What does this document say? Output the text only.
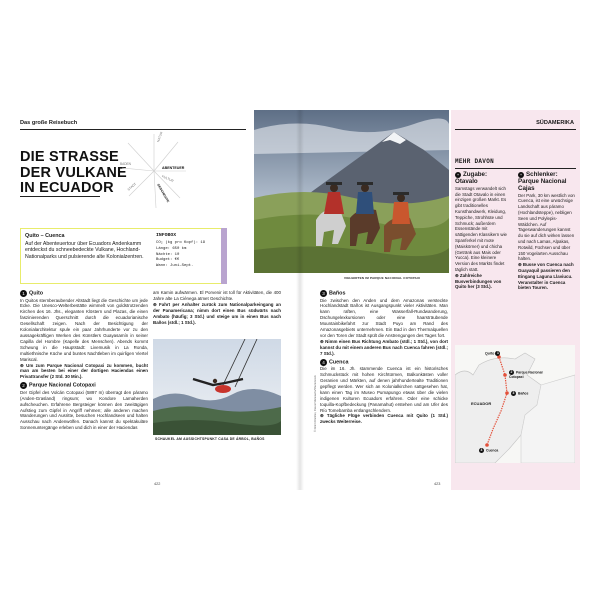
Das große Reisebuch
DIE STRASSE
DER VULKANE
IN ECUADOR
ABENTEUER
KULTUR
GESCHICHTE
NATUR
BADEN
STADT
Quito – Cuenca
Auf der Abenteuertour über Ecuadors Andenkamm entdeckst du schneebedeckte Vulkane, Hochland-Nationalparks und pulsierende alte Kolonialzentren.
INFOBOX
CO₂ (kg pro Kopf): 19
Länge: 650 km
Nächte: 10
Budget: €€
Wann: Juni–Sept.

1 Quito

In Quitos sternberaubender Altstadt liegt die Geschichte um jede Ecke. Die Unesco-Welterbestätte wimmelt von goldstrotzenden Kirchen des 16. Jhs., eleganten Klöstern und Plazas, die einen faszinierenden Querschnitt durch die ecuadorianische Gesellschaft zeigen. Nach der Besichtigung der Kolonialarchitektur spule ein paar Jahrhunderte vor zu den aussagekräftigen Werken des Künstlers Guayasamín in seiner Capilla del Hombre (Kapelle des Menschen). Abends kommt Schwung in die Hauptstadt: Livemusik in La Ronda, multiethnische Küche und buntes Nachtleben im quirligen Viertel Mariscal.

⊕ Um zum Parque Nacional Cotopaxi zu kommen, bucht man am besten bei einer der dortigen Haciendas einen Privattransfer (2 Std. 30 Min.).

2 Parque Nacional Cotopaxi

Der Gipfel des Volcán Cotopaxi (5897 m) überragt den páramo (Anden-Grasland) ringsum; wo Kondore Lamaherden aufscheuchen. Erfahrene Bergsteiger können den zweitägigen Aufstieg zum Gipfel in Angriff nehmen; alle anderen machen Wanderungen und Ausritte, besuchen Hochlandseen und halten Ausschau nach Andenwölfen. Danach kannst du spektakuläre Sonnenuntergänge erleben und dich in einer der Haciendas

am Kamin aufwärmen. El Porvenir ist toll für Aktivitäten, die 400 Jahre alte La Ciénega atmet Geschichte.

⊕ Fahrt per Anhalter zurück zum Nationalparkeingang an der Panamericana; nimm dort einen Bus südwärts nach Ambato (häufig; 3 Std.) und steige um in einen Bus nach Baños (stdl.; 1 Std.).

SCHAUKEL AM AUSSICHTSPUNKT CASA DE ÁRBOL, BAÑOS
422
VIEHHIRTEN IM PARQUE NACIONAL COTOPAXI
© Dmitri Dmitriev, Pascal Mannaerts/Shutterstock

3 Baños

Die zwischen den Anden und dem Amazonas versteckte Hochlandstadt Baños ist Ausgangspunkt vieler Aktivitäten. Man kann raften, eine Wasserfall-Rundwanderung, Dschungelexkursionen oder eine haarsträubende Mountainbikefahrt zur Stadt Puyo am Rand des Amazonasgebiets unternehmen. Ein Bad in den Thermalquellen vor den Toren der Stadt spült die Anstrengungen des Tages fort.

⊕ Nimm einen Bus Richtung Ambato (stdl.; 1 Std.), von dort kannst du mit einem anderen Bus nach Cuenca fahren (stdl.; 7 Std.).

4 Cuenca

Die im 16. Jh. stammende Cuenca ist ein historisches Schmuckstück mit hohen Kirchtürmen, Balkonkästen voller Geranien und Märkten, auf denen jahrhundertealte Traditionen gepflegt werden. Wer sich an Kolonialkirchen sattgesehen hat, kann einen Tag im Museo Pumapungo etwas über die vielen indigenen Kulturen Ecuadors erfahren. Oder eine schicke toquilla-Kopfbedeckung (Panamahut) erstehen und am Ufer des Río Tomebamba entlangschlendern.

⊕ Tägliche Flüge verbinden Cuenca mit Quito (1 Std.) zwecks Weiterreise.

423
SÜDAMERIKA
MEHR DAVON
+ Zugabe: Otavalo
Samstags verwandelt sich die Stadt Otavalo in einen einzigen großen Markt. Es gibt traditionelles Kunsthandwerk, Kleidung, Teppiche, Strohhüte und Schmuck; außerdem Essenstände mit sättigenden Klassikern wie Spanferkel mit mote (Maiskörner) und chicha (Getränk aus Mais oder Yucca). Eine kleinere Version des Markts findet täglich statt.
⊕ Zahlreiche Busverbindungen von Quito her (3 Std.).
+ Schlenker: Parque Nacional Cajas
Der Park, 30 km westlich von Cuenca, ist eine urwüchsige Landschaft aus páramo (Hochlandsteppe), nebligen Seen und Polylepis-Wäldchen. Auf Tageswanderungen kannst du sie auf dich wirken lassen und nach Lamas, Alpakas, Rotwild, Füchsen und über 150 Vogelarten Ausschau halten.
⊕ Busse von Cuenca nach Guayaquil passieren den Eingang Laguna Llaviucu. Veranstalter in Cuenca bieten Touren.
Quito 1
2 Parque Nacional Cotopaxi
3 Baños
ECUADOR
4 Cuenca
